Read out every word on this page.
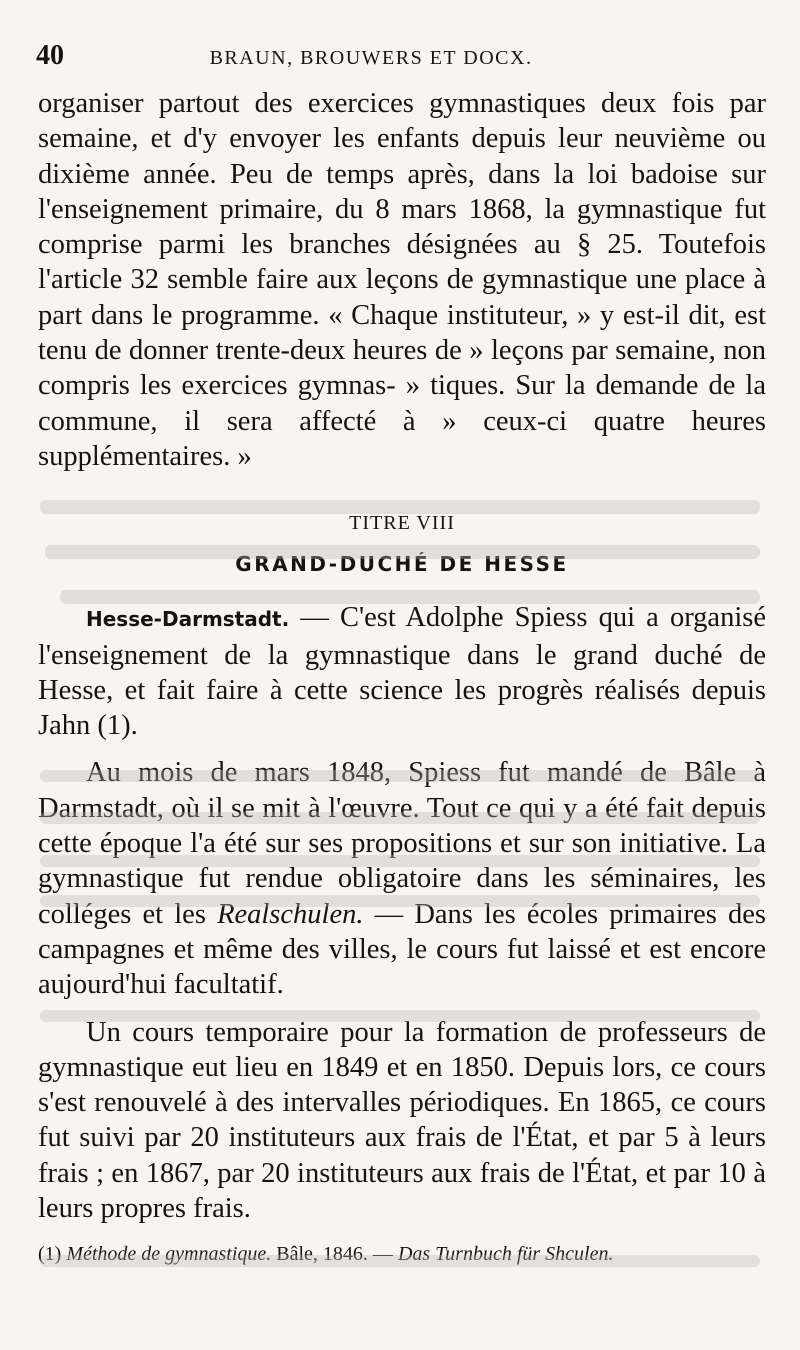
40	BRAUN, BROUWERS ET DOCX.

organiser partout des exercices gymnastiques deux fois par semaine, et d'y envoyer les enfants depuis leur neuvième ou dixième année. Peu de temps après, dans la loi badoise sur l'enseignement primaire, du 8 mars 1868, la gymnastique fut comprise parmi les branches désignées au § 25. Toutefois l'article 32 semble faire aux leçons de gymnastique une place à part dans le programme. « Chaque instituteur, » y est-il dit, est tenu de donner trente-deux heures de » leçons par semaine, non compris les exercices gymnas- » tiques. Sur la demande de la commune, il sera affecté à » ceux-ci quatre heures supplémentaires. »

TITRE VIII
GRAND-DUCHÉ DE HESSE

Hesse-Darmstadt. — C'est Adolphe Spiess qui a organisé l'enseignement de la gymnastique dans le grand duché de Hesse, et fait faire à cette science les progrès réalisés depuis Jahn (1).

Au mois de mars 1848, Spiess fut mandé de Bâle à Darmstadt, où il se mit à l'œuvre. Tout ce qui y a été fait depuis cette époque l'a été sur ses propositions et sur son initiative. La gymnastique fut rendue obligatoire dans les séminaires, les colléges et les Realschulen. — Dans les écoles primaires des campagnes et même des villes, le cours fut laissé et est encore aujourd'hui facultatif.

Un cours temporaire pour la formation de professeurs de gymnastique eut lieu en 1849 et en 1850. Depuis lors, ce cours s'est renouvelé à des intervalles périodiques. En 1865, ce cours fut suivi par 20 instituteurs aux frais de l'État, et par 5 à leurs frais ; en 1867, par 20 instituteurs aux frais de l'État, et par 10 à leurs propres frais.

(1) Méthode de gymnastique. Bâle, 1846. — Das Turnbuch für Shculen.
